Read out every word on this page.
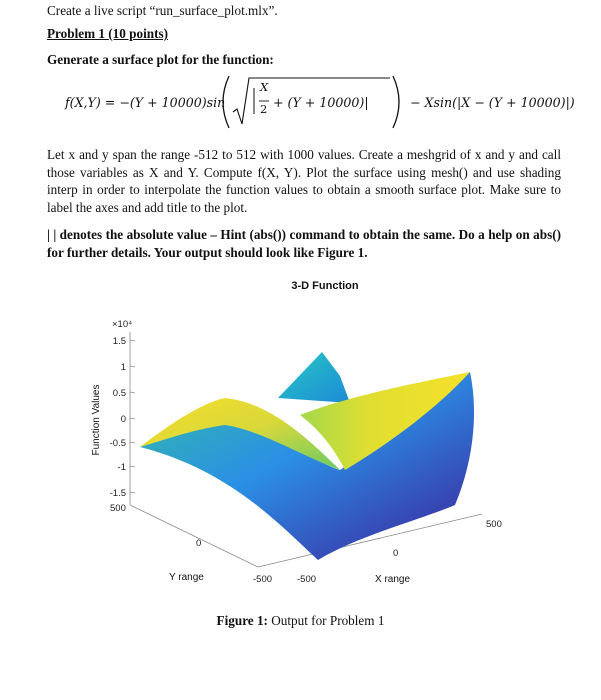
Create a live script “run_surface_plot.mlx”.
Problem 1 (10 points)
Generate a surface plot for the function:
f(X,Y) = −(Y + 10000)sin
X
2 + (Y + 10000)|	− Xsin(|X − (Y + 10000)|)
Let x and y span the range -512 to 512 with 1000 values. Create a meshgrid of x and y and call those variables as X and Y. Compute f(X, Y). Plot the surface using mesh() and use shading interp in order to interpolate the function values to obtain a smooth surface plot. Make sure to label the axes and add title to the plot.
| | denotes the absolute value – Hint (abs()) command to obtain the same. Do a help on abs() for further details. Your output should look like Figure 1.
3-D Function
×10⁴
1.5
1
0.5
0
-0.5
-1
-1.5
Function Values
500
0
-500
Y range	-500
0
500
X range
Figure 1: Output for Problem 1
